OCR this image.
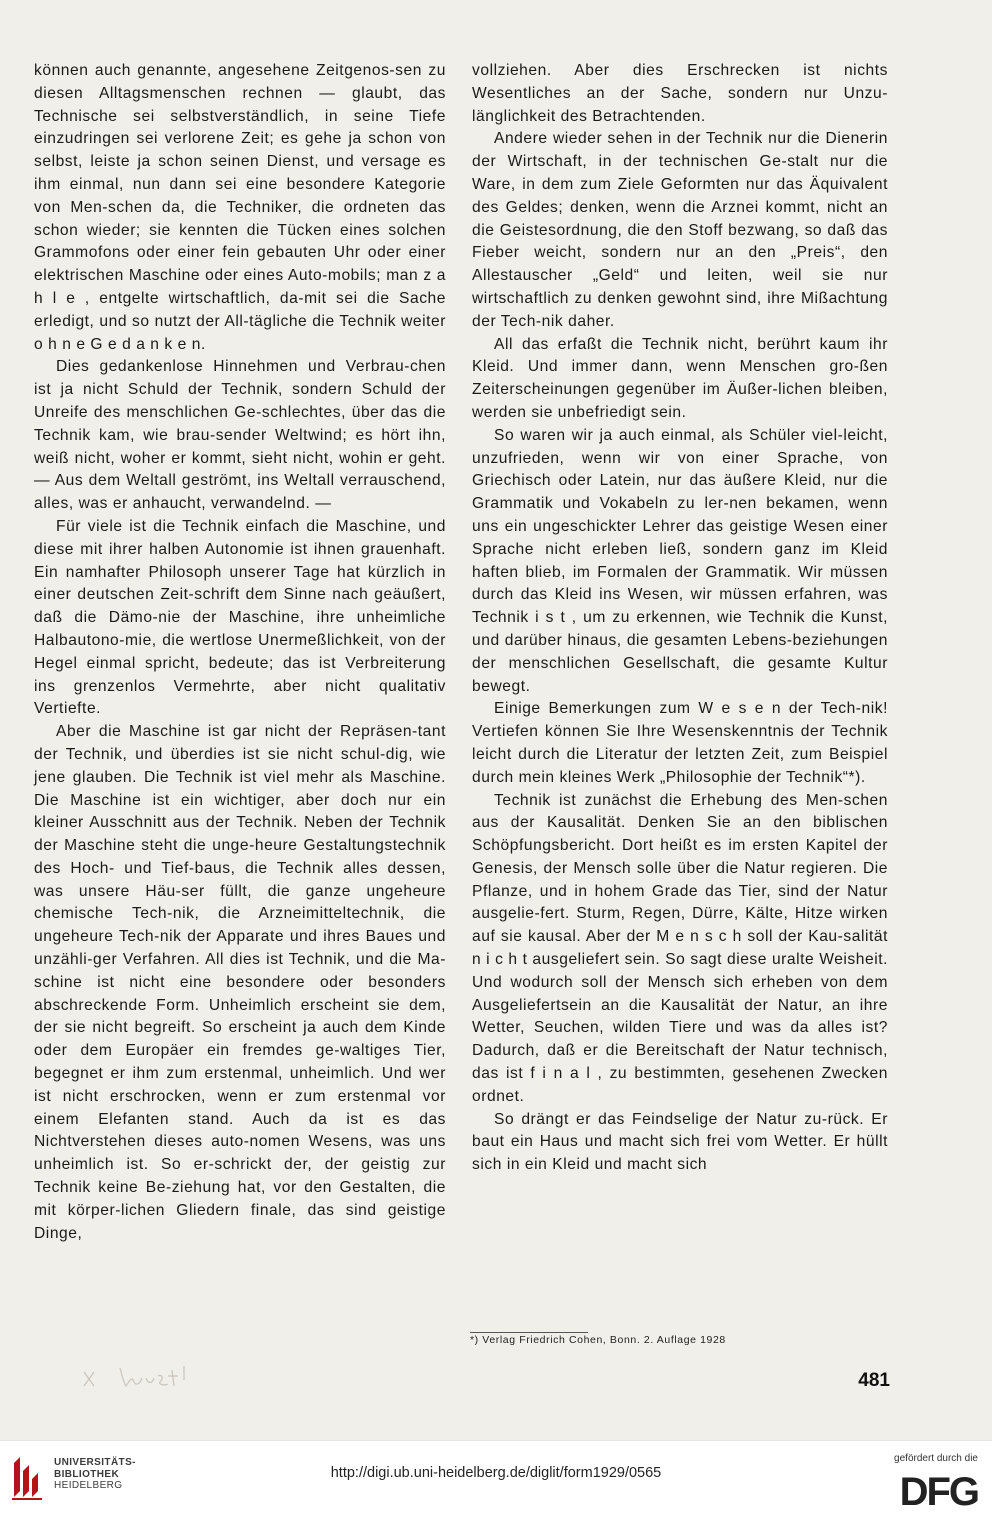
können auch genannte, angesehene Zeitgenos-sen zu diesen Alltagsmenschen rechnen — glaubt, das Technische sei selbstverständlich, in seine Tiefe einzudringen sei verlorene Zeit; es gehe ja schon von selbst, leiste ja schon seinen Dienst, und versage es ihm einmal, nun dann sei eine besondere Kategorie von Men-schen da, die Techniker, die ordneten das schon wieder; sie kennten die Tücken eines solchen Grammofons oder einer fein gebauten Uhr oder einer elektrischen Maschine oder eines Auto-mobils; man z a h l e , entgelte wirtschaftlich, da-mit sei die Sache erledigt, und so nutzt der All-tägliche die Technik weiter o h n e G e d a n k e n.

Dies gedankenlose Hinnehmen und Verbrau-chen ist ja nicht Schuld der Technik, sondern Schuld der Unreife des menschlichen Ge-schlechtes, über das die Technik kam, wie brau-sender Weltwind; es hört ihn, weiß nicht, woher er kommt, sieht nicht, wohin er geht. — Aus dem Weltall geströmt, ins Weltall verrauschend, alles, was er anhaucht, verwandelnd. —

Für viele ist die Technik einfach die Maschine, und diese mit ihrer halben Autonomie ist ihnen grauenhaft. Ein namhafter Philosoph unserer Tage hat kürzlich in einer deutschen Zeit-schrift dem Sinne nach geäußert, daß die Dämo-nie der Maschine, ihre unheimliche Halbautono-mie, die wertlose Unermeßlichkeit, von der Hegel einmal spricht, bedeute; das ist Verbreiterung ins grenzenlos Vermehrte, aber nicht qualitativ Vertiefte.

Aber die Maschine ist gar nicht der Repräsen-tant der Technik, und überdies ist sie nicht schul-dig, wie jene glauben. Die Technik ist viel mehr als Maschine. Die Maschine ist ein wichtiger, aber doch nur ein kleiner Ausschnitt aus der Technik. Neben der Technik der Maschine steht die unge-heure Gestaltungstechnik des Hoch- und Tief-baus, die Technik alles dessen, was unsere Häu-ser füllt, die ganze ungeheure chemische Tech-nik, die Arzneimitteltechnik, die ungeheure Tech-nik der Apparate und ihres Baues und unzähli-ger Verfahren. All dies ist Technik, und die Ma-schine ist nicht eine besondere oder besonders abschreckende Form. Unheimlich erscheint sie dem, der sie nicht begreift. So erscheint ja auch dem Kinde oder dem Europäer ein fremdes ge-waltiges Tier, begegnet er ihm zum erstenmal, unheimlich. Und wer ist nicht erschrocken, wenn er zum erstenmal vor einem Elefanten stand. Auch da ist es das Nichtverstehen dieses auto-nomen Wesens, was uns unheimlich ist. So er-schrickt der, der geistig zur Technik keine Be-ziehung hat, vor den Gestalten, die mit körper-lichen Gliedern finale, das sind geistige Dinge,

vollziehen. Aber dies Erschrecken ist nichts Wesentliches an der Sache, sondern nur Unzu-länglichkeit des Betrachtenden.

Andere wieder sehen in der Technik nur die Dienerin der Wirtschaft, in der technischen Ge-stalt nur die Ware, in dem zum Ziele Geformten nur das Äquivalent des Geldes; denken, wenn die Arznei kommt, nicht an die Geistesordnung, die den Stoff bezwang, so daß das Fieber weicht, sondern nur an den „Preis“, den Allestauscher „Geld“ und leiten, weil sie nur wirtschaftlich zu denken gewohnt sind, ihre Mißachtung der Tech-nik daher.

All das erfaßt die Technik nicht, berührt kaum ihr Kleid. Und immer dann, wenn Menschen gro-ßen Zeiterscheinungen gegenüber im Äußer-lichen bleiben, werden sie unbefriedigt sein.

So waren wir ja auch einmal, als Schüler viel-leicht, unzufrieden, wenn wir von einer Sprache, von Griechisch oder Latein, nur das äußere Kleid, nur die Grammatik und Vokabeln zu ler-nen bekamen, wenn uns ein ungeschickter Lehrer das geistige Wesen einer Sprache nicht erleben ließ, sondern ganz im Kleid haften blieb, im Formalen der Grammatik. Wir müssen durch das Kleid ins Wesen, wir müssen erfahren, was Technik i s t , um zu erkennen, wie Technik die Kunst, und darüber hinaus, die gesamten Lebens-beziehungen der menschlichen Gesellschaft, die gesamte Kultur bewegt.

Einige Bemerkungen zum W e s e n der Tech-nik! Vertiefen können Sie Ihre Wesenskenntnis der Technik leicht durch die Literatur der letzten Zeit, zum Beispiel durch mein kleines Werk „Philosophie der Technik“*).

Technik ist zunächst die Erhebung des Men-schen aus der Kausalität. Denken Sie an den biblischen Schöpfungsbericht. Dort heißt es im ersten Kapitel der Genesis, der Mensch solle über die Natur regieren. Die Pflanze, und in hohem Grade das Tier, sind der Natur ausgelie-fert. Sturm, Regen, Dürre, Kälte, Hitze wirken auf sie kausal. Aber der M e n s c h soll der Kau-salität n i c h t ausgeliefert sein. So sagt diese uralte Weisheit. Und wodurch soll der Mensch sich erheben von dem Ausgeliefertsein an die Kausalität der Natur, an ihre Wetter, Seuchen, wilden Tiere und was da alles ist? Dadurch, daß er die Bereitschaft der Natur technisch, das ist f i n a l , zu bestimmten, gesehenen Zwecken ordnet.

So drängt er das Feindselige der Natur zu-rück. Er baut ein Haus und macht sich frei vom Wetter. Er hüllt sich in ein Kleid und macht sich

*) Verlag Friedrich Cohen, Bonn. 2. Auflage 1928
481
UNIVERSITÄTS-
BIBLIOTHEK
HEIDELBERG
http://digi.ub.uni-heidelberg.de/diglit/form1929/0565
gefördert durch die
DFG
